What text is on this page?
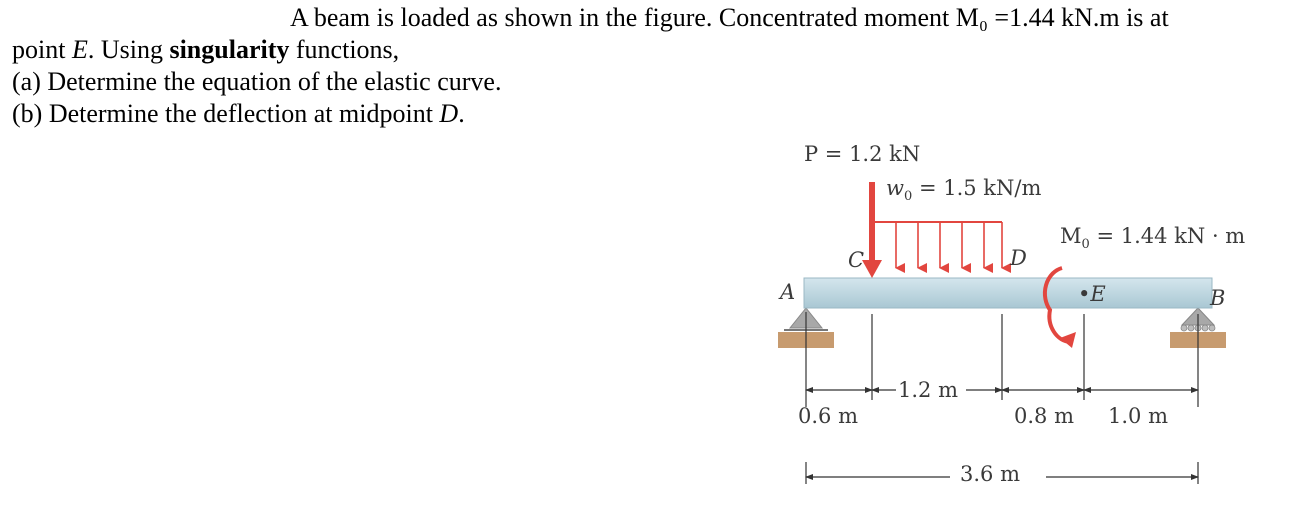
A beam is loaded as shown in the figure. Concentrated moment M₀ =1.44 kN.m is at

point E. Using singularity functions,

(a) Determine the equation of the elastic curve.

(b) Determine the deflection at midpoint D.

P = 1.2 kN
$w_0 = 1.5$ kN/m
$M_0 = 1.44$ kN · m
A	B
C	D
•E
0.6 m
1.2 m
0.8 m 1.0 m
3.6 m
